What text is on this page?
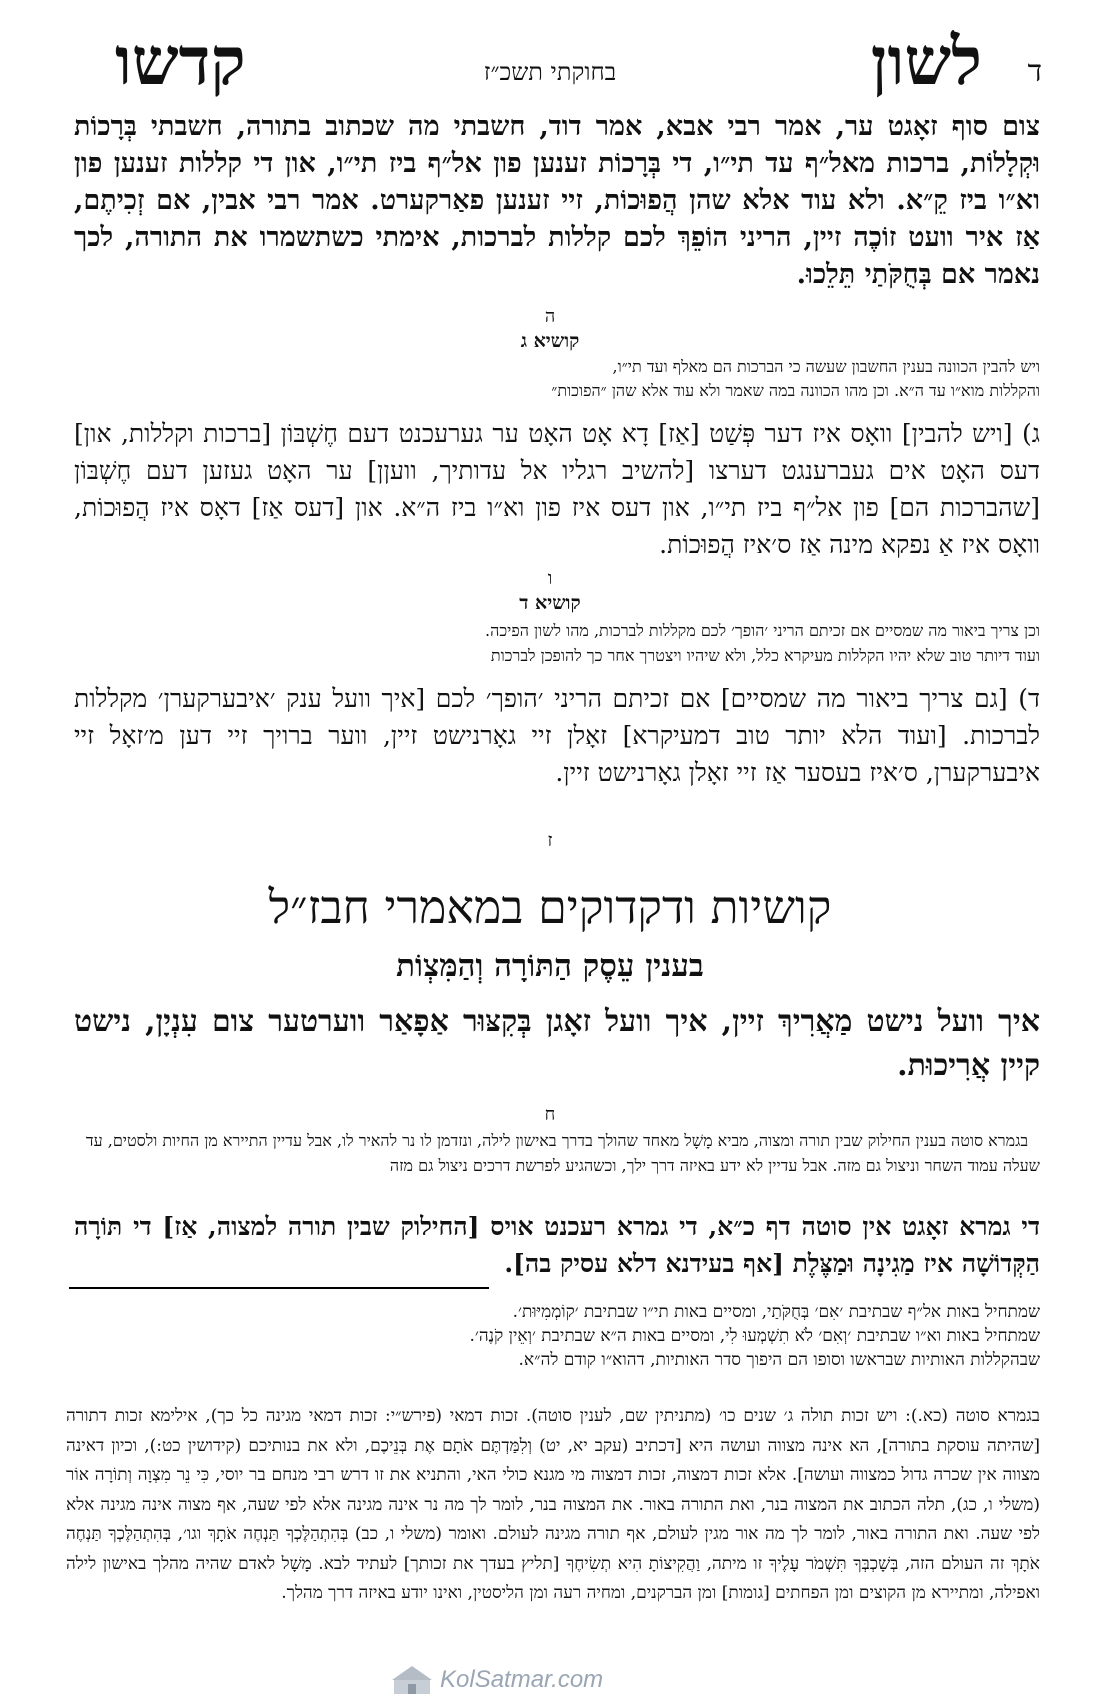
ד
לשון
בחוקתי תשכ״ז
קדשו
צום סוף זאָגט ער, אמר רבי אבא, אמר דוד, חשבתי מה שכתוב בתורה, חשבתי בְּרָכוֹת וּקְלָלוֹת, ברכות מאל״ף עד תי״ו, די בְּרָכוֹת זענען פון אל״ף ביז תי״ו, און די קללות זענען פון וא״ו ביז קֵ״א. ולא עוד אלא שהן הֲפוּכוֹת, זיי זענען פאַרקערט. אמר רבי אבין, אם זְכִיתֶם, אַז איר וועט זוֹכֶה זיין, הריני הוֹפֵךְ לכם קללות לברכות, אימתי כשתשמרו את התורה, לכך נאמר אם בְּחֻקֹּתַי תֵּלֵכוּ.
ה
קושיא ג
ויש להבין הכוונה בענין החשבון שעשה כי הברכות הם מאלף ועד תי״ו,
והקללות מוא״ו עד ה״א. וכן מהו הכוונה במה שאמר ולא עוד אלא שהן ״הפוכות״
ג) [ויש להבין] וואָס איז דער פְּשַׁט [אַז] דָא אָט האָט ער גערעכנט דעם חֶשְׁבּוֹן [ברכות וקללות, און] דעס האָט אים געברענגט דערצו [להשיב רגליו אל עדותיך, וועןן] ער האָט געזען דעם חֶשְׁבּוֹן [שהברכות הם] פון אל״ף ביז תי״ו, און דעס איז פון וא״ו ביז ה״א. און [דעס אַז] דאָס איז הֲפוּכוֹת, וואָס איז אַ נפקא מינה אַז ס׳איז הֲפוּכוֹת.
ו
קושיא ד
וכן צריך ביאור מה שמסיים אם זכיתם הריני ׳הופך׳ לכם מקללות לברכות, מהו לשון הפיכה.
ועוד דיותר טוב שלא יהיו הקללות מעיקרא כלל, ולא שיהיו ויצטרך אחר כך להופכן לברכות
ד) [גם צריך ביאור מה שמסיים] אם זכיתם הריני ׳הופך׳ לכם [איך וועל ענק ׳איבערקערן׳ מקללות לברכות. [ועוד הלא יותר טוב דמעיקרא] זאָלן זיי גאָרנישט זיין, ווער ברויך זיי דען מ׳זאָל זיי איבערקערן, ס׳איז בעסער אַז זיי זאָלן גאָרנישט זיין.
ז
קושיות ודקדוקים במאמרי חבז״ל
בענין עֵסֶק הַתּוֹרָה וְהַמִּצְוֹת
איך וועל נישט מַאֲרִיךְ זיין, איך וועל זאָגן בְּקִצּוּר אַפָאַר ווערטער צום עִנְיָן, נישט קיין אֲרִיכוּת.
ח
בגמרא סוטה בענין החילוק שבין תורה ומצוה, מביא מָשָׁל מאחד שהולך בדרך באישון לילה, ונזדמן לו נר להאיר לו, אבל עדיין התיירא מן החיות ולסטים, עד שעלה עמוד השחר וניצול גם מזה. אבל עדיין לא ידע באיזה דרך ילך, וכשהגיע לפרשת דרכים ניצול גם מזה
די גמרא זאָגט אין סוטה דף כ״א, די גמרא רעכנט אויס [החילוק שבין תורה למצוה, אַז] די תּוֹרָה הַקְּדוֹשָׁה איז מַגִינָה וּמַצֶּלֶת [אף בעידנא דלא עסיק בה].

שמתחיל באות אל״ף שבתיבת ׳אִם׳ בְּחֻקֹּתַי, ומסיים באות תי״ו שבתיבת ׳קוֹמְמִיּוּת׳.

שמתחיל באות וא״ו שבתיבת ׳וְאִם׳ לֹא תִשְׁמְעוּ לִי, ומסיים באות ה״א שבתיבת ׳וְאֵין קֹנֶה׳.

שבהקללות האותיות שבראשו וסופו הם היפוך סדר האותיות, דהוא״ו קודם לה״א.

בגמרא סוטה (כא.): ויש זכות תולה ג׳ שנים כו׳ (מתניתין שם, לענין סוטה). זכות דמאי (פירש״י: זכות דמאי מגינה כל כך), אילימא זכות דתורה [שהיתה עוסקת בתורה], הא אינה מצווה ועושה היא [דכתיב (עקב יא, יט) וְלִמַּדְתֶּם אֹתָם אֶת בְּנֵיכֶם, ולא את בנותיכם (קידושין כט:), וכיון דאינה מצווה אין שכרה גדול כמצווה ועושה]. אלא זכות דמצוה, זכות דמצוה מי מגנא כולי האי, והתניא את זו דרש רבי מנחם בר יוסי, כִּי נֵר מִצְוָה וְתוֹרָה אוֹר (משלי ו, כג), תלה הכתוב את המצוה בנר, ואת התורה באור. את המצוה בנר, לומר לך מה נר אינה מגינה אלא לפי שעה, אף מצוה אינה מגינה אלא לפי שעה. ואת התורה באור, לומר לך מה אור מגין לעולם, אף תורה מגינה לעולם. ואומר (משלי ו, כב) בְּהִתְהַלֶּכְךָ תַּנְחֶה אֹתָךְ וגו׳, בְּהִתְהַלֶּכְךָ תַּנְחֶה אֹתָךְ זה העולם הזה, בְּשָׁכְבְּךָ תִּשְׁמֹר עָלֶיךָ זו מיתה, וַהֲקִיצוֹתָ הִיא תְשִׂיחֶךָ [תליץ בעדך את זכותך] לעתיד לבא. מָשָׁל לאדם שהיה מהלך באישון לילה ואפילה, ומתיירא מן הקוצים ומן הפחתים [גומות] ומן הברקנים, ומחיה רעה ומן הליסטין, ואינו יודע באיזה דרך מהלך.
KolSatmar.com
